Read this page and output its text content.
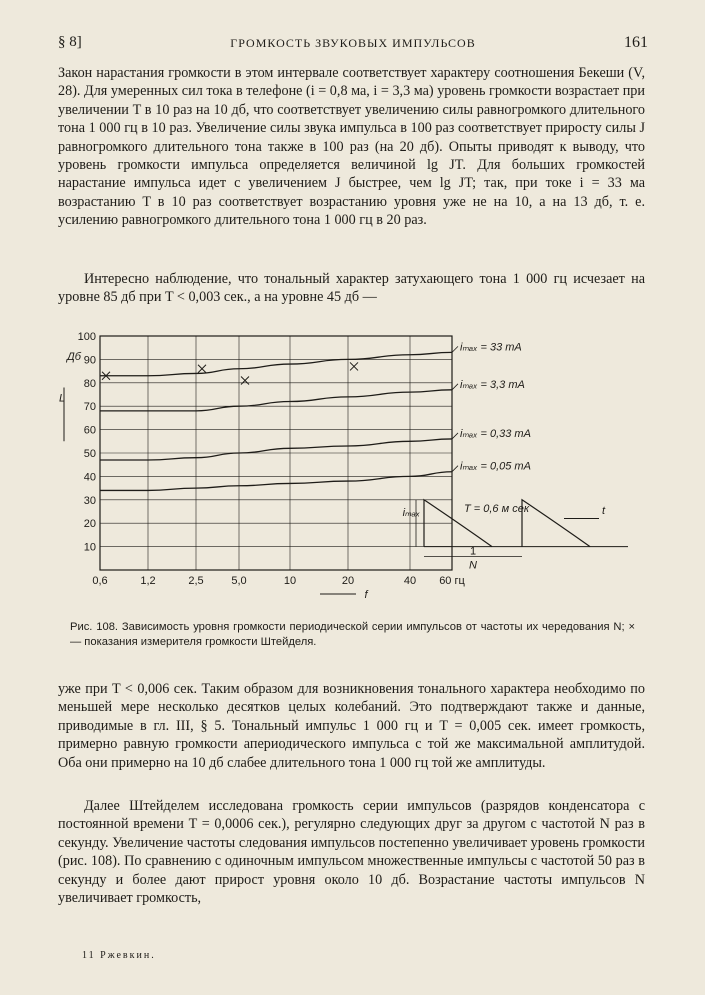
§ 8]	ГРОМКОСТЬ ЗВУКОВЫХ ИМПУЛЬСОВ	161

Закон нарастания громкости в этом интервале соответствует характеру соотношения Бекеши (V, 28). Для умеренных сил тока в телефоне (i = 0,8 ма, i = 3,3 ма) уровень громкости возрастает при увеличении T в 10 раз на 10 дб, что соответствует увеличению силы равногромкого длительного тона 1 000 гц в 10 раз. Увеличение силы звука импульса в 100 раз соответствует приросту силы J равногромкого длительного тона также в 100 раз (на 20 дб). Опыты приводят к выводу, что уровень громкости импульса определяется величиной lg JT. Для больших громкостей нарастание импульса идет с увеличением J быстрее, чем lg JT; так, при токе i = 33 ма возрастанию T в 10 раз соответствует возрастанию уровня уже не на 10, а на 13 дб, т. е. усилению равногромкого длительного тона 1 000 гц в 20 раз.

Интересно наблюдение, что тональный характер затухающего тона 1 000 гц исчезает на уровне 85 дб при T < 0,003 сек., а на уровне 45 дб —

10
20
30
40
50
60
70
80
90
100
0,6	1,2	2,5	5,0	10	20	40 60 гц
Дб
L
f
iₘₐₓ = 33 mA
iₘₐₓ = 3,3 mA
iₘₐₓ = 0,33 mA
iₘₐₓ = 0,05 mA
iₘₐₓ	T = 0,6 м сек	t
1
N

Рис. 108. Зависимость уровня громкости периодической серии импульсов от частоты их чередования N; × — показания измерителя громкости Штейделя.

уже при T < 0,006 сек. Таким образом для возникновения тонального характера необходимо по меньшей мере несколько десятков целых колебаний. Это подтверждают также и данные, приводимые в гл. III, § 5. Тональный импульс 1 000 гц и T = 0,005 сек. имеет громкость, примерно равную громкости апериодического импульса с той же максимальной амплитудой. Оба они примерно на 10 дб слабее длительного тона 1 000 гц той же амплитуды.

Далее Штейделем исследована громкость серии импульсов (разрядов конденсатора с постоянной времени T = 0,0006 сек.), регулярно следующих друг за другом с частотой N раз в секунду. Увеличение частоты следования импульсов постепенно увеличивает уровень громкости (рис. 108). По сравнению с одиночным импульсом множественные импульсы с частотой 50 раз в секунду и более дают прирост уровня около 10 дб. Возрастание частоты импульсов N увеличивает громкость,

11 Ржевкин.
